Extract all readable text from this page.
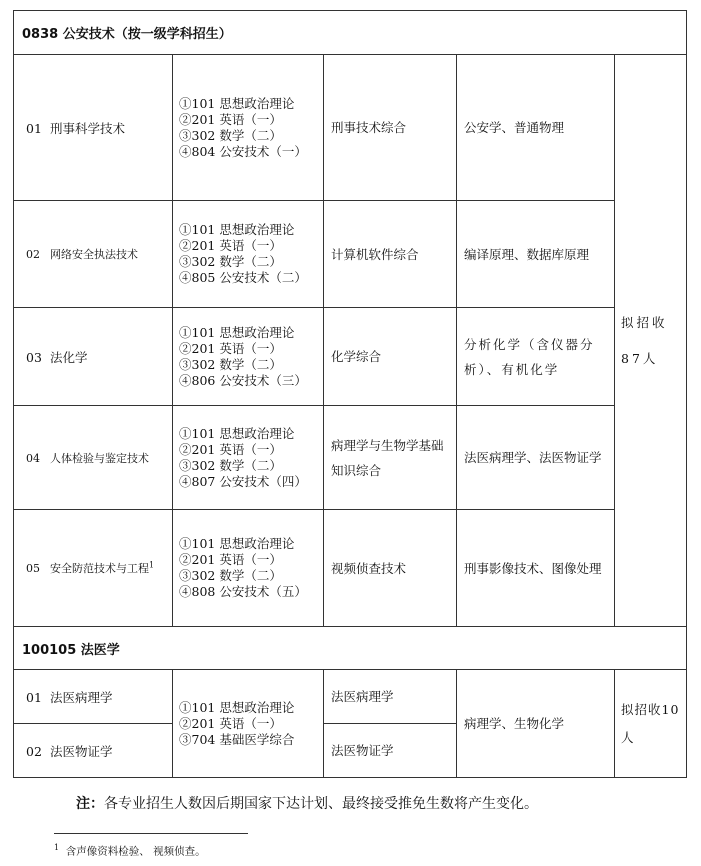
0838 公安技术（按一级学科招生）				
01 刑事科学技术	①101 思想政治理论
②201 英语（一）
③302 数学（二）
④804 公安技术（一）	刑事技术综合	公安学、普通物理	拟招收87人
02 网络安全执法技术	①101 思想政治理论
②201 英语（一）
③302 数学（二）
④805 公安技术（二）	计算机软件综合	编译原理、数据库原理	
03 法化学	①101 思想政治理论
②201 英语（一）
③302 数学（二）
④806 公安技术（三）	化学综合	分析化学（含仪器分析）、有机化学	
04 人体检验与鉴定技术	①101 思想政治理论
②201 英语（一）
③302 数学（二）
④807 公安技术（四）	病理学与生物学基础知识综合	法医病理学、法医物证学	
05 安全防范技术与工程$^1$	①101 思想政治理论
②201 英语（一）
③302 数学（二）
④808 公安技术（五）	视频侦查技术	刑事影像技术、图像处理	
100105 法医学				
01 法医病理学	①101 思想政治理论
②201 英语（一）
③704 基础医学综合	法医病理学	病理学、生物化学	拟招收10人
02 法医物证学		法医物证学		
注：各专业招生人数因后期国家下达计划、最终接受推免生数将产生变化。
$^1$ 含声像资料检验、 视频侦查。
